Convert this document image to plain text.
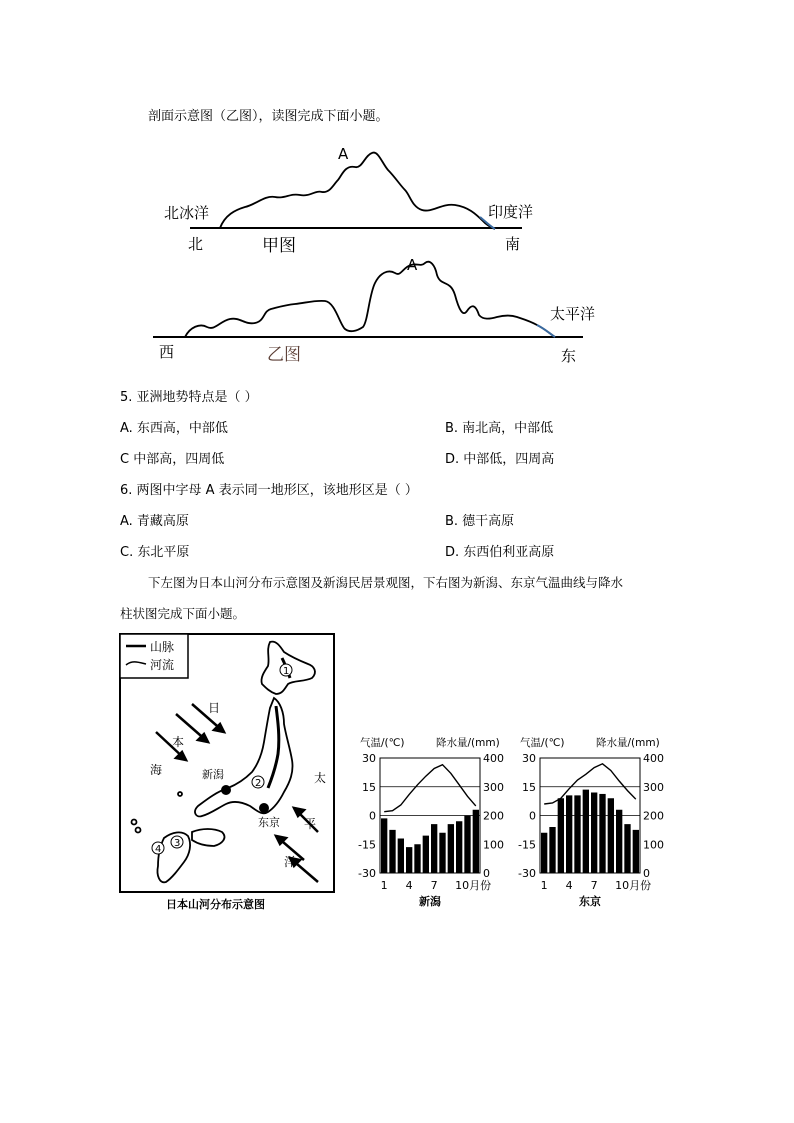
剖面示意图（乙图），读图完成下面小题。
A
北冰洋	印度洋
北	南
甲图
A
太平洋
西	东
乙图
5. 亚洲地势特点是（ ）
A. 东西高，中部低	B. 南北高，中部低
C 中部高，四周低	D. 中部低，四周高
6. 两图中字母 A 表示同一地形区，该地形区是（ ）
A. 青藏高原	B. 德干高原
C. 东北平原	D. 东西伯利亚高原
下左图为日本山河分布示意图及新潟民居景观图，下右图为新潟、东京气温曲线与降水
柱状图完成下面小题。
山脉
河流
新潟
东京
1
2
3
4
日
本
海
太
平
洋
日本山河分布示意图
气温/(℃)	降水量/(mm)
-30
-15
0
15
30
0
100
200
300
400
1 4 7 10月份
新潟
气温/(℃)	降水量/(mm)
-30
-15
0
15
30
0
100
200
300
400
1 4 7 10月份
东京
